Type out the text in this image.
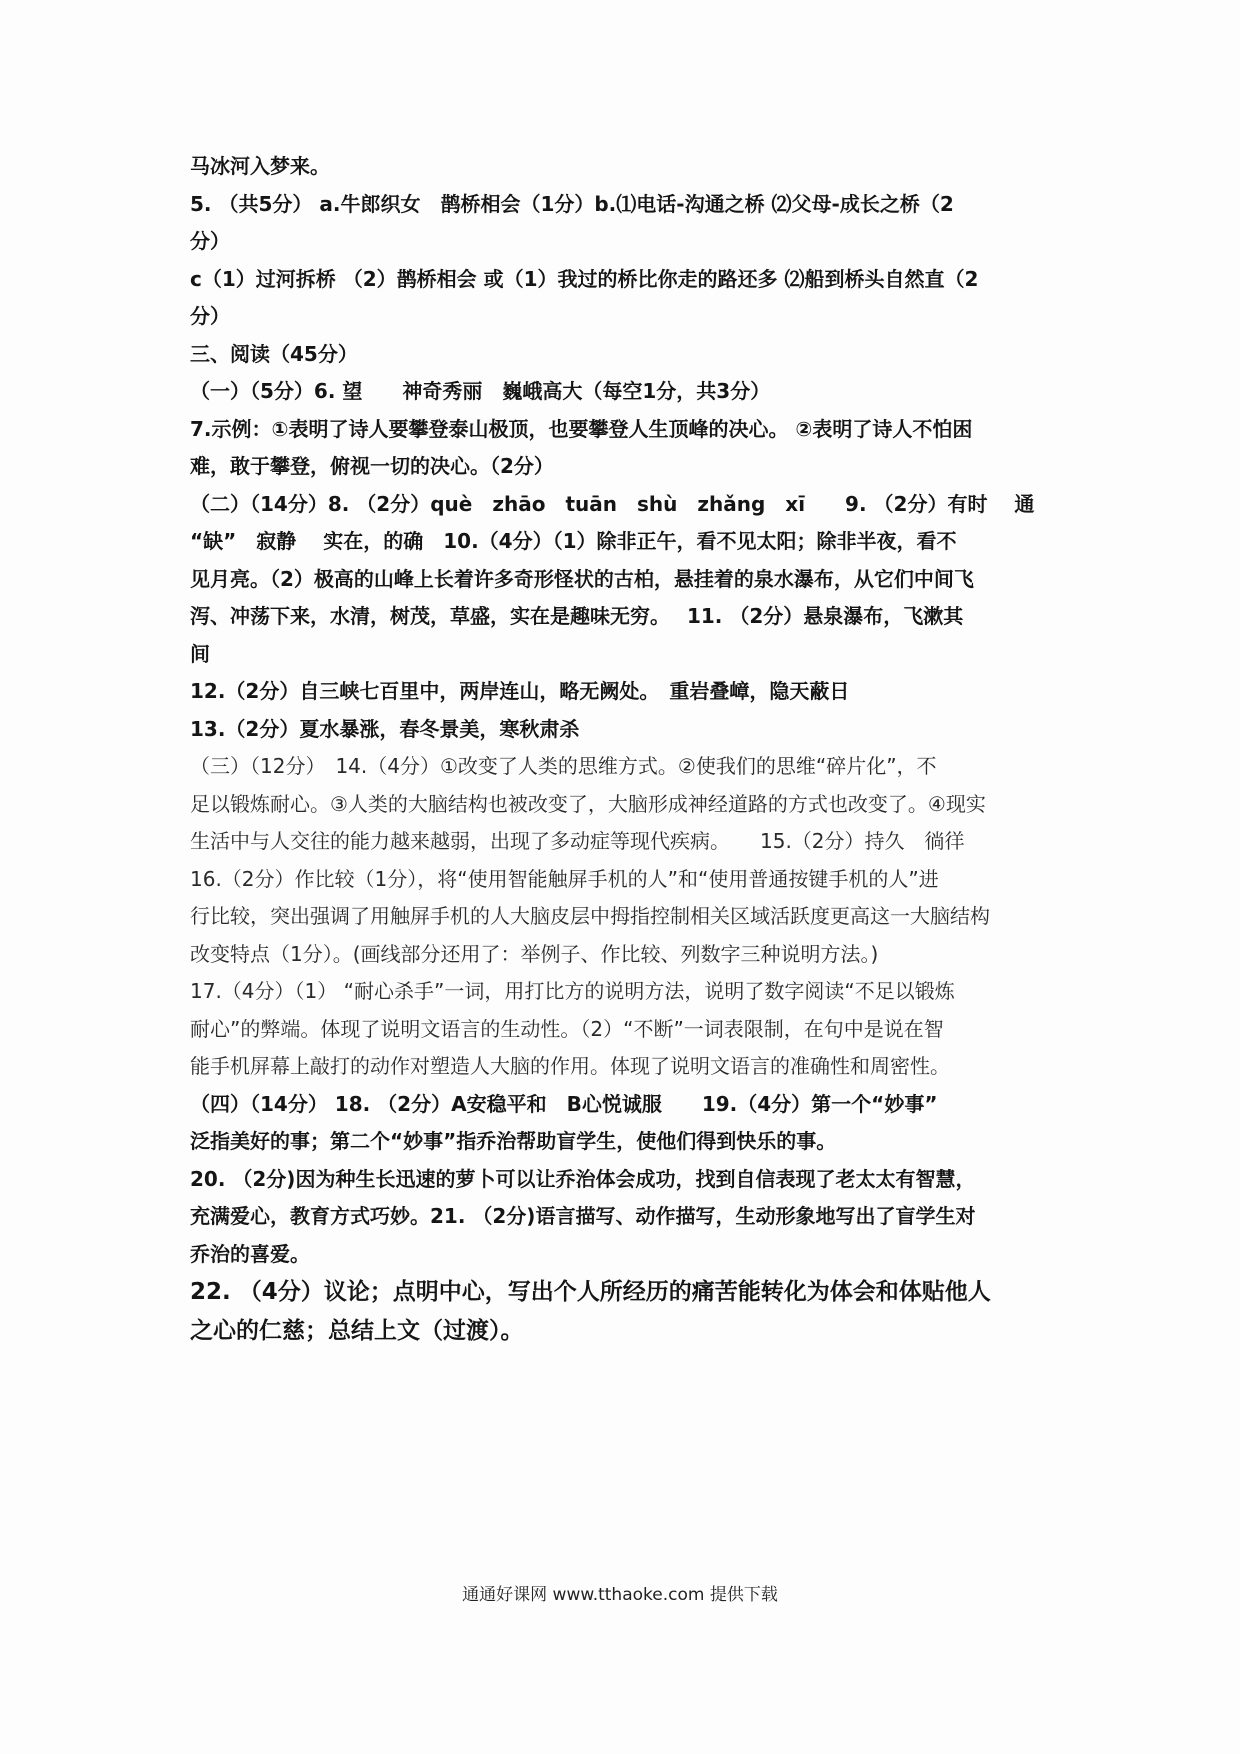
马冰河入梦来。
5. （共5分） a.牛郎织女　鹊桥相会（1分）b.⑴电话-沟通之桥 ⑵父母-成长之桥（2
分）
c（1）过河拆桥 （2）鹊桥相会 或（1）我过的桥比你走的路还多 ⑵船到桥头自然直（2
分）
三、阅读（45分）
（一）（5分）6. 望　　神奇秀丽　巍峨高大（每空1分，共3分）
7.示例：①表明了诗人要攀登泰山极顶，也要攀登人生顶峰的决心。 ②表明了诗人不怕困
难，敢于攀登，俯视一切的决心。（2分）
（二）（14分）8. （2分）què　zhāo　tuān　shù　zhǎng　xī　　9. （2分）有时　 通
“缺”　寂静　 实在，的确　10.（4分）（1）除非正午，看不见太阳；除非半夜，看不
见月亮。（2）极高的山峰上长着许多奇形怪状的古柏，悬挂着的泉水瀑布，从它们中间飞
泻、冲荡下来，水清，树茂，草盛，实在是趣味无穷。　 11. （2分）悬泉瀑布，飞漱其
间
12.（2分）自三峡七百里中，两岸连山，略无阙处。　重岩叠嶂，隐天蔽日
13.（2分）夏水暴涨，春冬景美，寒秋肃杀
（三）（12分）　14.（4分）①改变了人类的思维方式。②使我们的思维“碎片化”，不
足以锻炼耐心。③人类的大脑结构也被改变了，大脑形成神经道路的方式也改变了。④现实
生活中与人交往的能力越来越弱，出现了多动症等现代疾病。　　15.（2分）持久　徜徉
16.（2分）作比较（1分），将“使用智能触屏手机的人”和“使用普通按键手机的人”进
行比较，突出强调了用触屏手机的人大脑皮层中拇指控制相关区域活跃度更高这一大脑结构
改变特点（1分）。(画线部分还用了：举例子、作比较、列数字三种说明方法。)
17.（4分）（1） “耐心杀手”一词，用打比方的说明方法，说明了数字阅读“不足以锻炼
耐心”的弊端。体现了说明文语言的生动性。（2）“不断”一词表限制，在句中是说在智
能手机屏幕上敲打的动作对塑造人大脑的作用。体现了说明文语言的准确性和周密性。
（四）（14分） 18. （2分）A安稳平和　B心悦诚服　　19.（4分）第一个“妙事”
泛指美好的事；第二个“妙事”指乔治帮助盲学生，使他们得到快乐的事。
20. （2分)因为种生长迅速的萝卜可以让乔治体会成功，找到自信表现了老太太有智慧，
充满爱心，教育方式巧妙。21. （2分)语言描写、动作描写，生动形象地写出了盲学生对
乔治的喜爱。
22. （4分）议论；点明中心，写出个人所经历的痛苦能转化为体会和体贴他人
之心的仁慈；总结上文（过渡）。
通通好课网 www.tthaoke.com 提供下载
